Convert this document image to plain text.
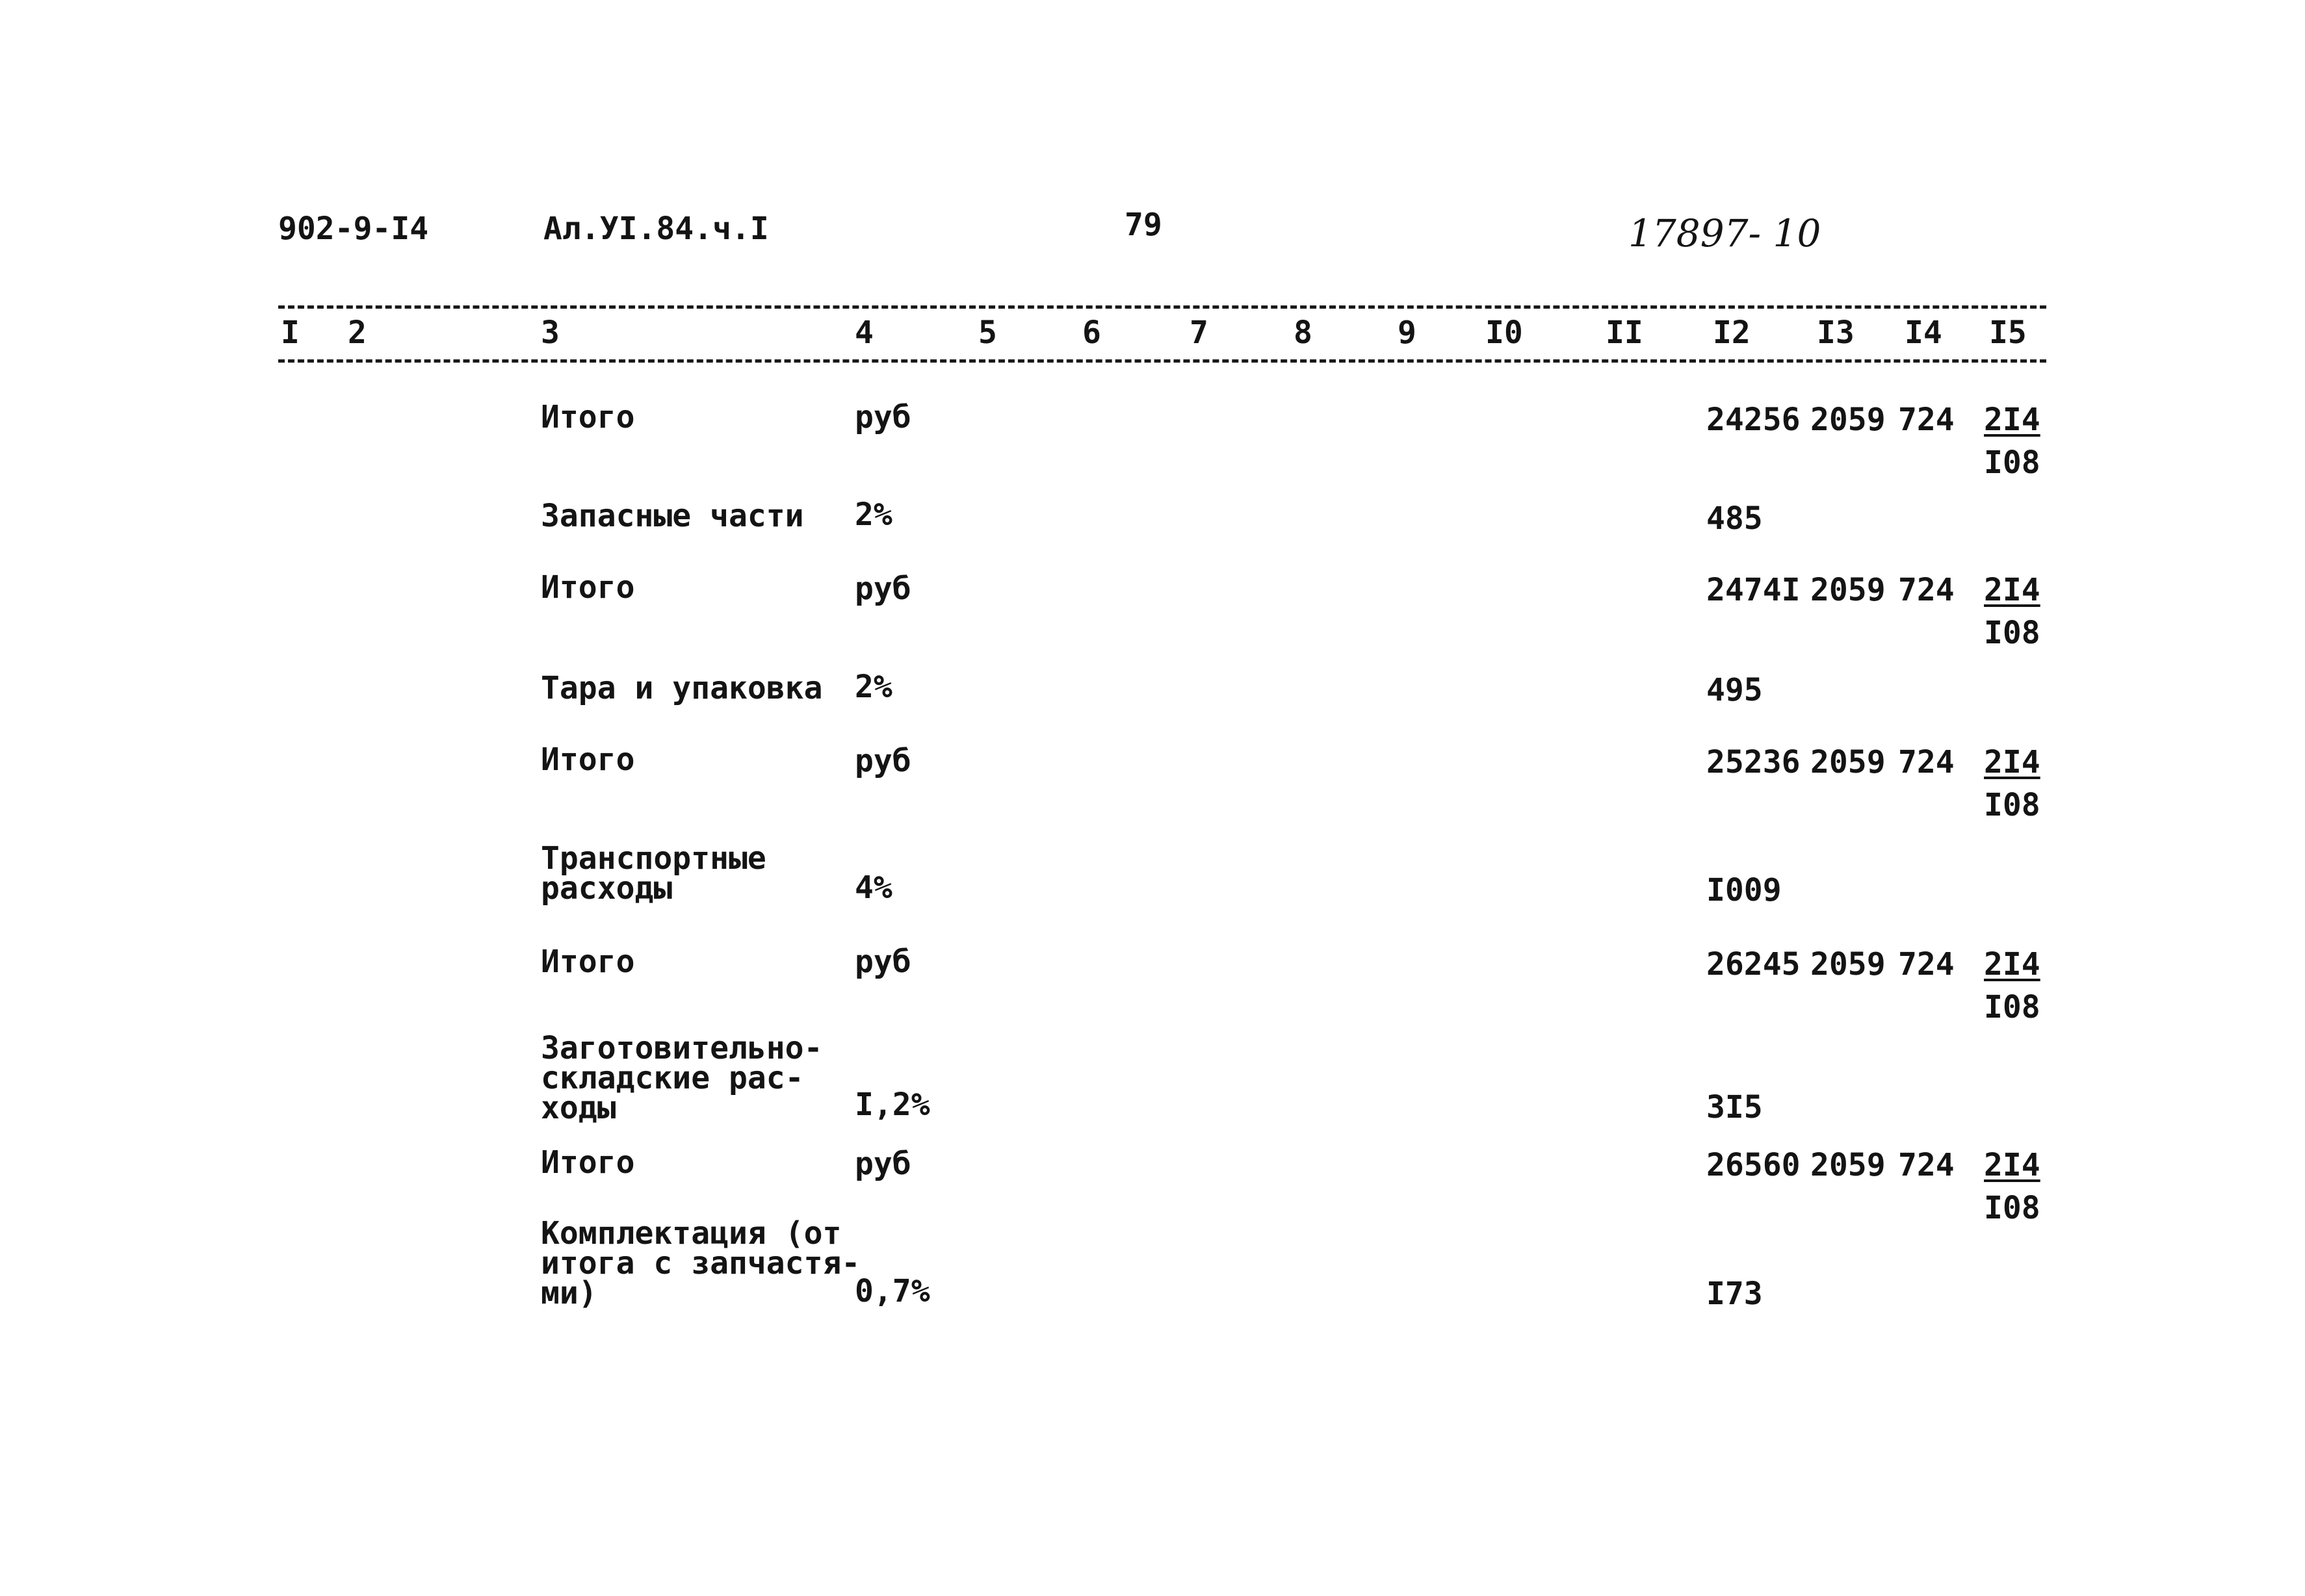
902-9-I4	Ал.УI.84.ч.I	79	17897- 10
I 2	3	4	5	6	7	8	9 I0	II I2 I3 I4 I5
Итого	руб	24256 2059 724 2I4
I08
Запасные части 2%	485
Итого	руб	2474I 2059 724 2I4
I08
Тара и упаковка 2%	495
Итого	руб	25236 2059 724 2I4
I08
Транспортные
расходы	4%	I009
Итого	руб	26245 2059 724 2I4
I08
Заготовительно-
складские рас-
ходы	I,2%	3I5
Итого	руб	26560 2059 724 2I4
I08
Комплектация (от
итога с запчастя-
ми)	0,7%	I73
